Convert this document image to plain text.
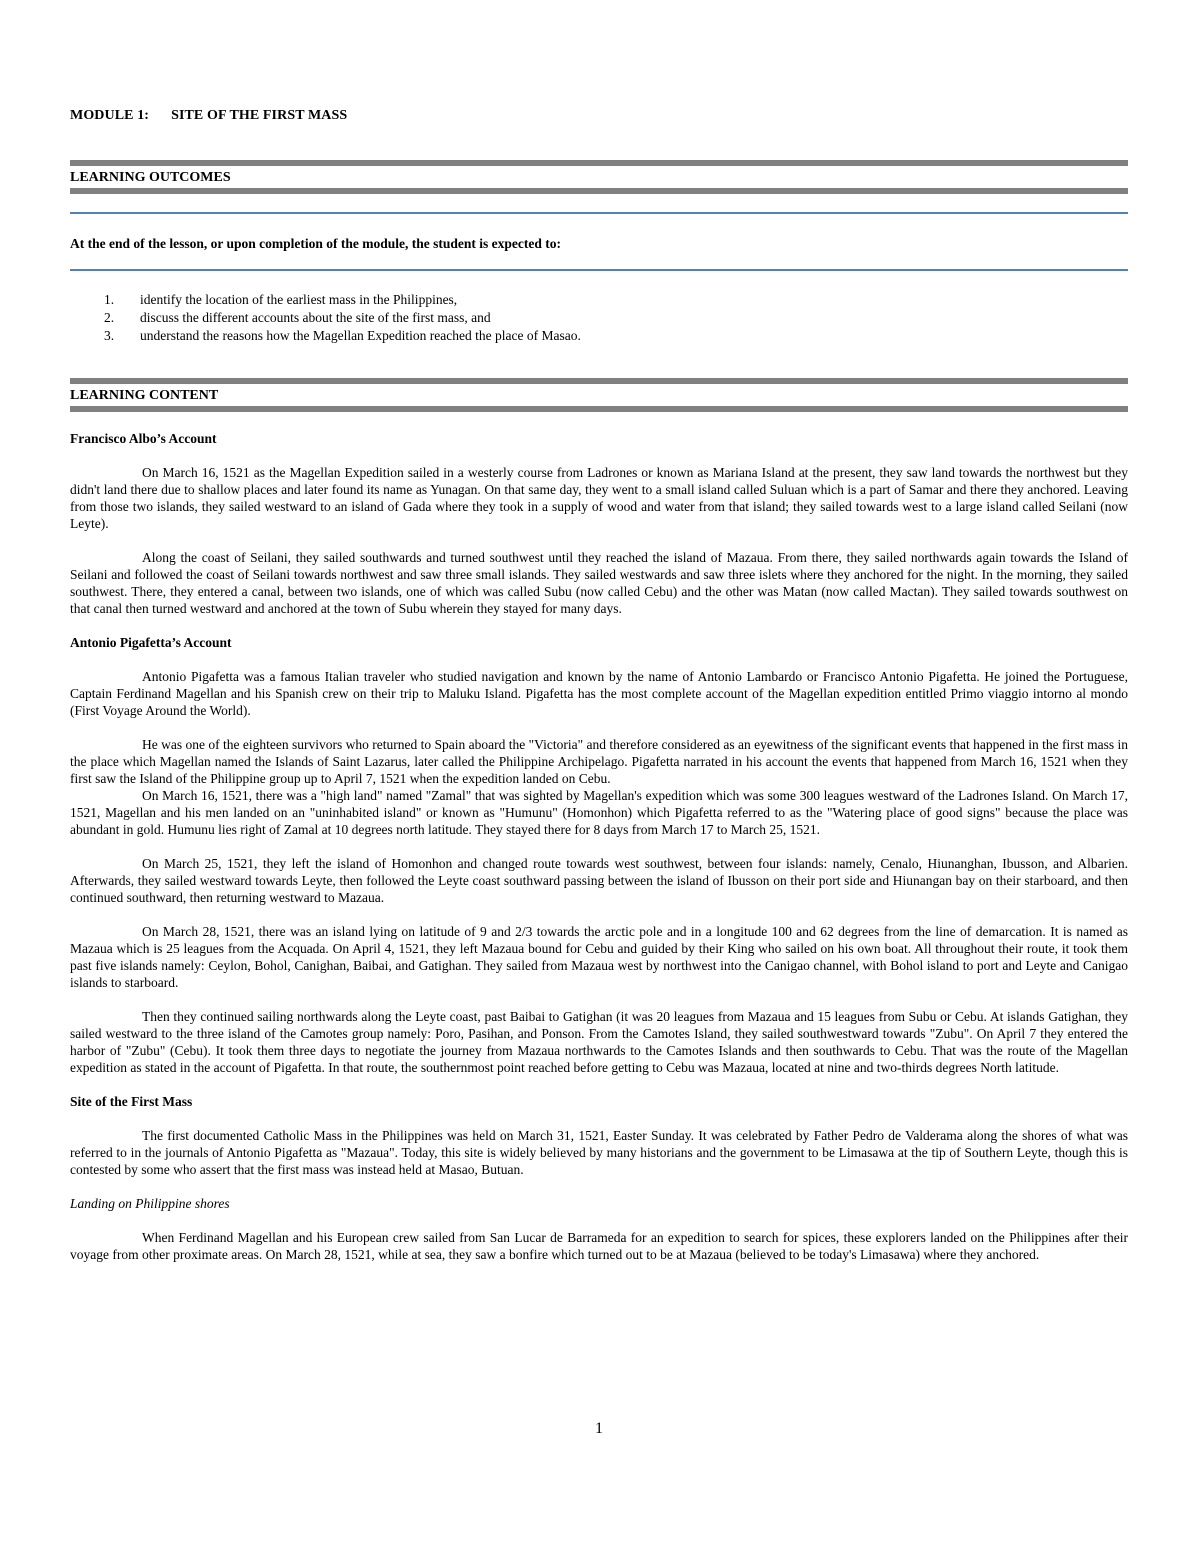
MODULE 1: SITE OF THE FIRST MASS
LEARNING OUTCOMES
At the end of the lesson, or upon completion of the module, the student is expected to:
1.	identify the location of the earliest mass in the Philippines,
2.	discuss the different accounts about the site of the first mass, and
3.	understand the reasons how the Magellan Expedition reached the place of Masao.
LEARNING CONTENT
Francisco Albo’s Account

On March 16, 1521 as the Magellan Expedition sailed in a westerly course from Ladrones or known as Mariana Island at the present, they saw land towards the northwest but they didn't land there due to shallow places and later found its name as Yunagan. On that same day, they went to a small island called Suluan which is a part of Samar and there they anchored. Leaving from those two islands, they sailed westward to an island of Gada where they took in a supply of wood and water from that island; they sailed towards west to a large island called Seilani (now Leyte).

Along the coast of Seilani, they sailed southwards and turned southwest until they reached the island of Mazaua. From there, they sailed northwards again towards the Island of Seilani and followed the coast of Seilani towards northwest and saw three small islands. They sailed westwards and saw three islets where they anchored for the night. In the morning, they sailed southwest. There, they entered a canal, between two islands, one of which was called Subu (now called Cebu) and the other was Matan (now called Mactan). They sailed towards southwest on that canal then turned westward and anchored at the town of Subu wherein they stayed for many days.

Antonio Pigafetta’s Account

Antonio Pigafetta was a famous Italian traveler who studied navigation and known by the name of Antonio Lambardo or Francisco Antonio Pigafetta. He joined the Portuguese, Captain Ferdinand Magellan and his Spanish crew on their trip to Maluku Island. Pigafetta has the most complete account of the Magellan expedition entitled Primo viaggio intorno al mondo (First Voyage Around the World).

He was one of the eighteen survivors who returned to Spain aboard the "Victoria" and therefore considered as an eyewitness of the significant events that happened in the first mass in the place which Magellan named the Islands of Saint Lazarus, later called the Philippine Archipelago. Pigafetta narrated in his account the events that happened from March 16, 1521 when they first saw the Island of the Philippine group up to April 7, 1521 when the expedition landed on Cebu.

On March 16, 1521, there was a "high land" named "Zamal" that was sighted by Magellan's expedition which was some 300 leagues westward of the Ladrones Island. On March 17, 1521, Magellan and his men landed on an "uninhabited island" or known as "Humunu" (Homonhon) which Pigafetta referred to as the "Watering place of good signs" because the place was abundant in gold. Humunu lies right of Zamal at 10 degrees north latitude. They stayed there for 8 days from March 17 to March 25, 1521.

On March 25, 1521, they left the island of Homonhon and changed route towards west southwest, between four islands: namely, Cenalo, Hiunanghan, Ibusson, and Albarien. Afterwards, they sailed westward towards Leyte, then followed the Leyte coast southward passing between the island of Ibusson on their port side and Hiunangan bay on their starboard, and then continued southward, then returning westward to Mazaua.

On March 28, 1521, there was an island lying on latitude of 9 and 2/3 towards the arctic pole and in a longitude 100 and 62 degrees from the line of demarcation. It is named as Mazaua which is 25 leagues from the Acquada. On April 4, 1521, they left Mazaua bound for Cebu and guided by their King who sailed on his own boat. All throughout their route, it took them past five islands namely: Ceylon, Bohol, Canighan, Baibai, and Gatighan. They sailed from Mazaua west by northwest into the Canigao channel, with Bohol island to port and Leyte and Canigao islands to starboard.

Then they continued sailing northwards along the Leyte coast, past Baibai to Gatighan (it was 20 leagues from Mazaua and 15 leagues from Subu or Cebu. At islands Gatighan, they sailed westward to the three island of the Camotes group namely: Poro, Pasihan, and Ponson. From the Camotes Island, they sailed southwestward towards "Zubu". On April 7 they entered the harbor of "Zubu" (Cebu). It took them three days to negotiate the journey from Mazaua northwards to the Camotes Islands and then southwards to Cebu. That was the route of the Magellan expedition as stated in the account of Pigafetta. In that route, the southernmost point reached before getting to Cebu was Mazaua, located at nine and two-thirds degrees North latitude.

Site of the First Mass

The first documented Catholic Mass in the Philippines was held on March 31, 1521, Easter Sunday. It was celebrated by Father Pedro de Valderama along the shores of what was referred to in the journals of Antonio Pigafetta as "Mazaua". Today, this site is widely believed by many historians and the government to be Limasawa at the tip of Southern Leyte, though this is contested by some who assert that the first mass was instead held at Masao, Butuan.

Landing on Philippine shores

When Ferdinand Magellan and his European crew sailed from San Lucar de Barrameda for an expedition to search for spices, these explorers landed on the Philippines after their voyage from other proximate areas. On March 28, 1521, while at sea, they saw a bonfire which turned out to be at Mazaua (believed to be today's Limasawa) where they anchored.

1
